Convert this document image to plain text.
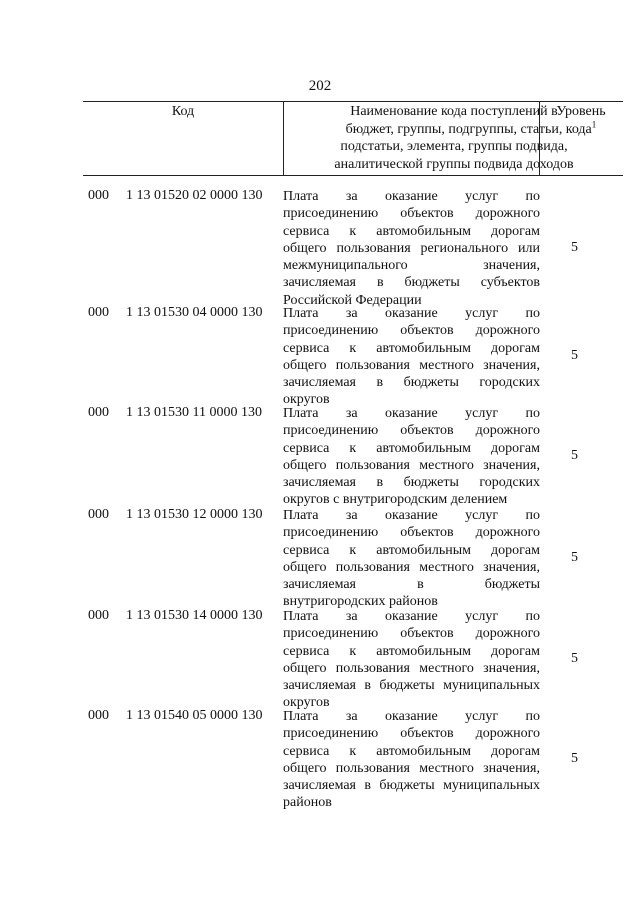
202
Код	Наименование кода поступлений в
бюджет, группы, подгруппы, статьи,
подстатьи, элемента, группы подвида,
аналитической группы подвида доходов
Уровень
кода$^1$
000 1 13 01520 02 0000 130 Плата за оказание услуг по
присоединению объектов дорожного
сервиса к автомобильным дорогам
общего пользования регионального или
межмуниципального значения,
зачисляемая в бюджеты субъектов
Российской Федерации
5
000 1 13 01530 04 0000 130 Плата за оказание услуг по
присоединению объектов дорожного
сервиса к автомобильным дорогам
общего пользования местного значения,
зачисляемая в бюджеты городских
округов
5
000 1 13 01530 11 0000 130 Плата за оказание услуг по
присоединению объектов дорожного
сервиса к автомобильным дорогам
общего пользования местного значения,
зачисляемая в бюджеты городских
округов с внутригородским делением
5
000 1 13 01530 12 0000 130 Плата за оказание услуг по
присоединению объектов дорожного
сервиса к автомобильным дорогам
общего пользования местного значения,
зачисляемая в бюджеты
внутригородских районов
5
000 1 13 01530 14 0000 130 Плата за оказание услуг по
присоединению объектов дорожного
сервиса к автомобильным дорогам
общего пользования местного значения,
зачисляемая в бюджеты муниципальных
округов
5
000 1 13 01540 05 0000 130 Плата за оказание услуг по
присоединению объектов дорожного
сервиса к автомобильным дорогам
общего пользования местного значения,
зачисляемая в бюджеты муниципальных
районов
5
